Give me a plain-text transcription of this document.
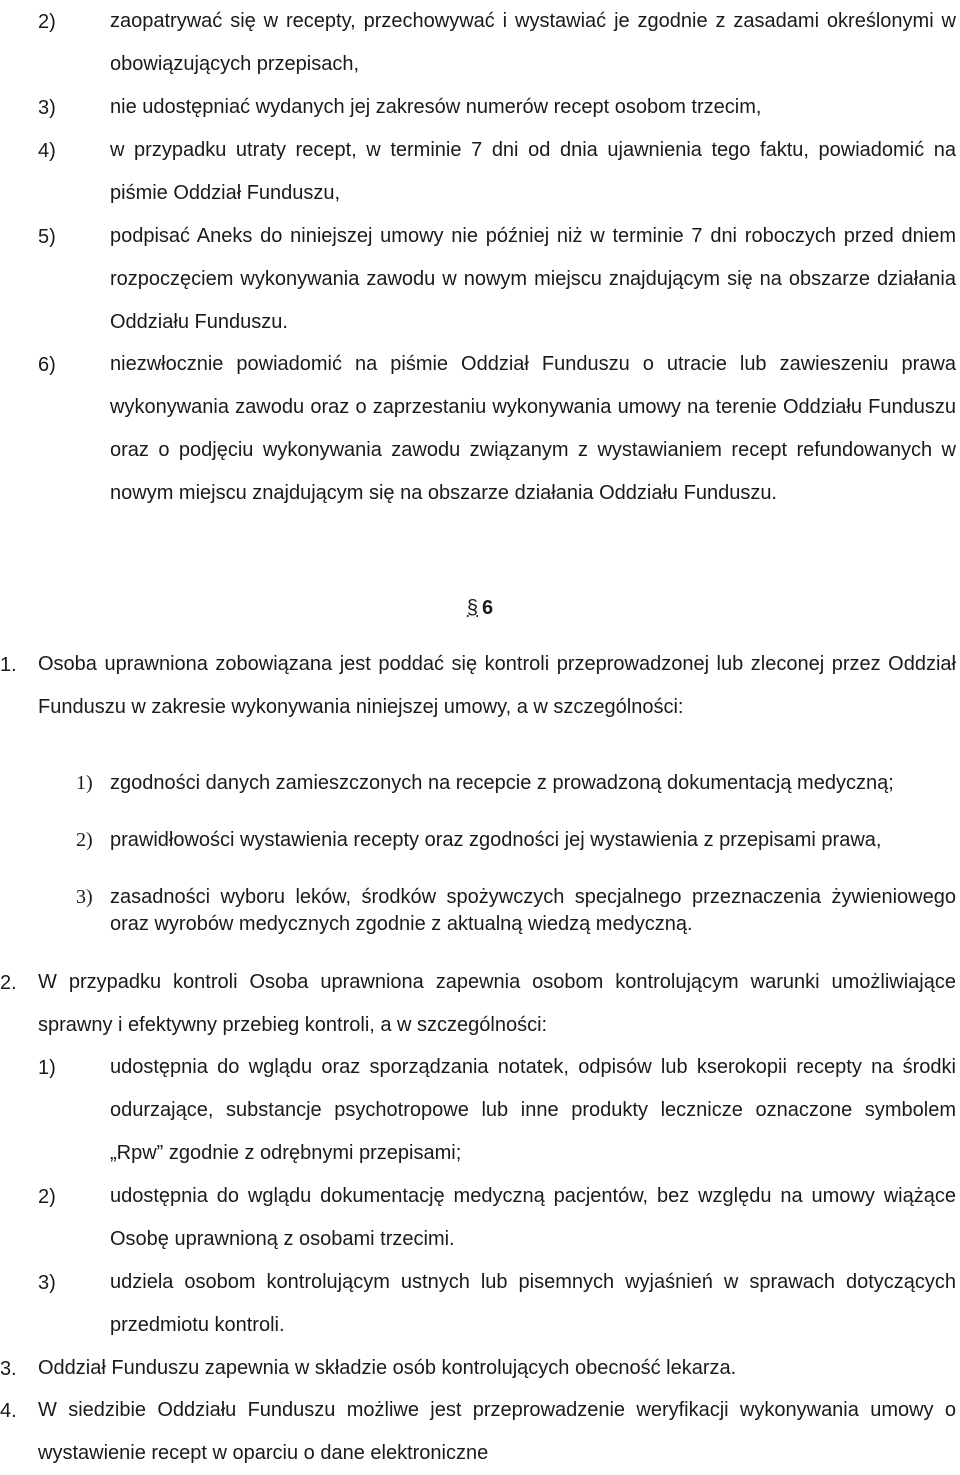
2)	zaopatrywać się w recepty, przechowywać i wystawiać je zgodnie z zasadami określonymi w obowiązujących przepisach,
3)	nie udostępniać wydanych jej zakresów numerów recept osobom trzecim,
4)	w przypadku utraty recept, w terminie 7 dni od dnia ujawnienia tego faktu, powiadomić na piśmie Oddział Funduszu,
5)	podpisać Aneks do niniejszej umowy nie później niż w terminie 7 dni roboczych przed dniem rozpoczęciem wykonywania zawodu w nowym miejscu znajdującym się na obszarze działania Oddziału Funduszu.
6)	niezwłocznie powiadomić na piśmie Oddział Funduszu o utracie lub zawieszeniu prawa wykonywania zawodu oraz o zaprzestaniu wykonywania umowy na terenie Oddziału Funduszu oraz o podjęciu wykonywania zawodu związanym z wystawianiem recept refundowanych w nowym miejscu znajdującym się na obszarze działania Oddziału Funduszu.
§ 6
1. Osoba uprawniona zobowiązana jest poddać się kontroli przeprowadzonej lub zleconej przez Oddział Funduszu w zakresie wykonywania niniejszej umowy, a w szczególności:
1) zgodności danych zamieszczonych na recepcie z prowadzoną dokumentacją medyczną;
2) prawidłowości wystawienia recepty oraz zgodności jej wystawienia z przepisami prawa,
3) zasadności wyboru leków, środków spożywczych specjalnego przeznaczenia żywieniowego oraz wyrobów medycznych zgodnie z aktualną wiedzą medyczną.
2. W przypadku kontroli Osoba uprawniona zapewnia osobom kontrolującym warunki umożliwiające sprawny i efektywny przebieg kontroli, a w szczególności:
1)	udostępnia do wglądu oraz sporządzania notatek, odpisów lub kserokopii recepty na środki odurzające, substancje psychotropowe lub inne produkty lecznicze oznaczone symbolem „Rpw” zgodnie z odrębnymi przepisami;
2)	udostępnia do wglądu dokumentację medyczną pacjentów, bez względu na umowy wiążące Osobę uprawnioną z osobami trzecimi.
3)	udziela osobom kontrolującym ustnych lub pisemnych wyjaśnień w sprawach dotyczących przedmiotu kontroli.
3. Oddział Funduszu zapewnia w składzie osób kontrolujących obecność lekarza.
4. W siedzibie Oddziału Funduszu możliwe jest przeprowadzenie weryfikacji wykonywania umowy o wystawienie recept w oparciu o dane elektroniczne
